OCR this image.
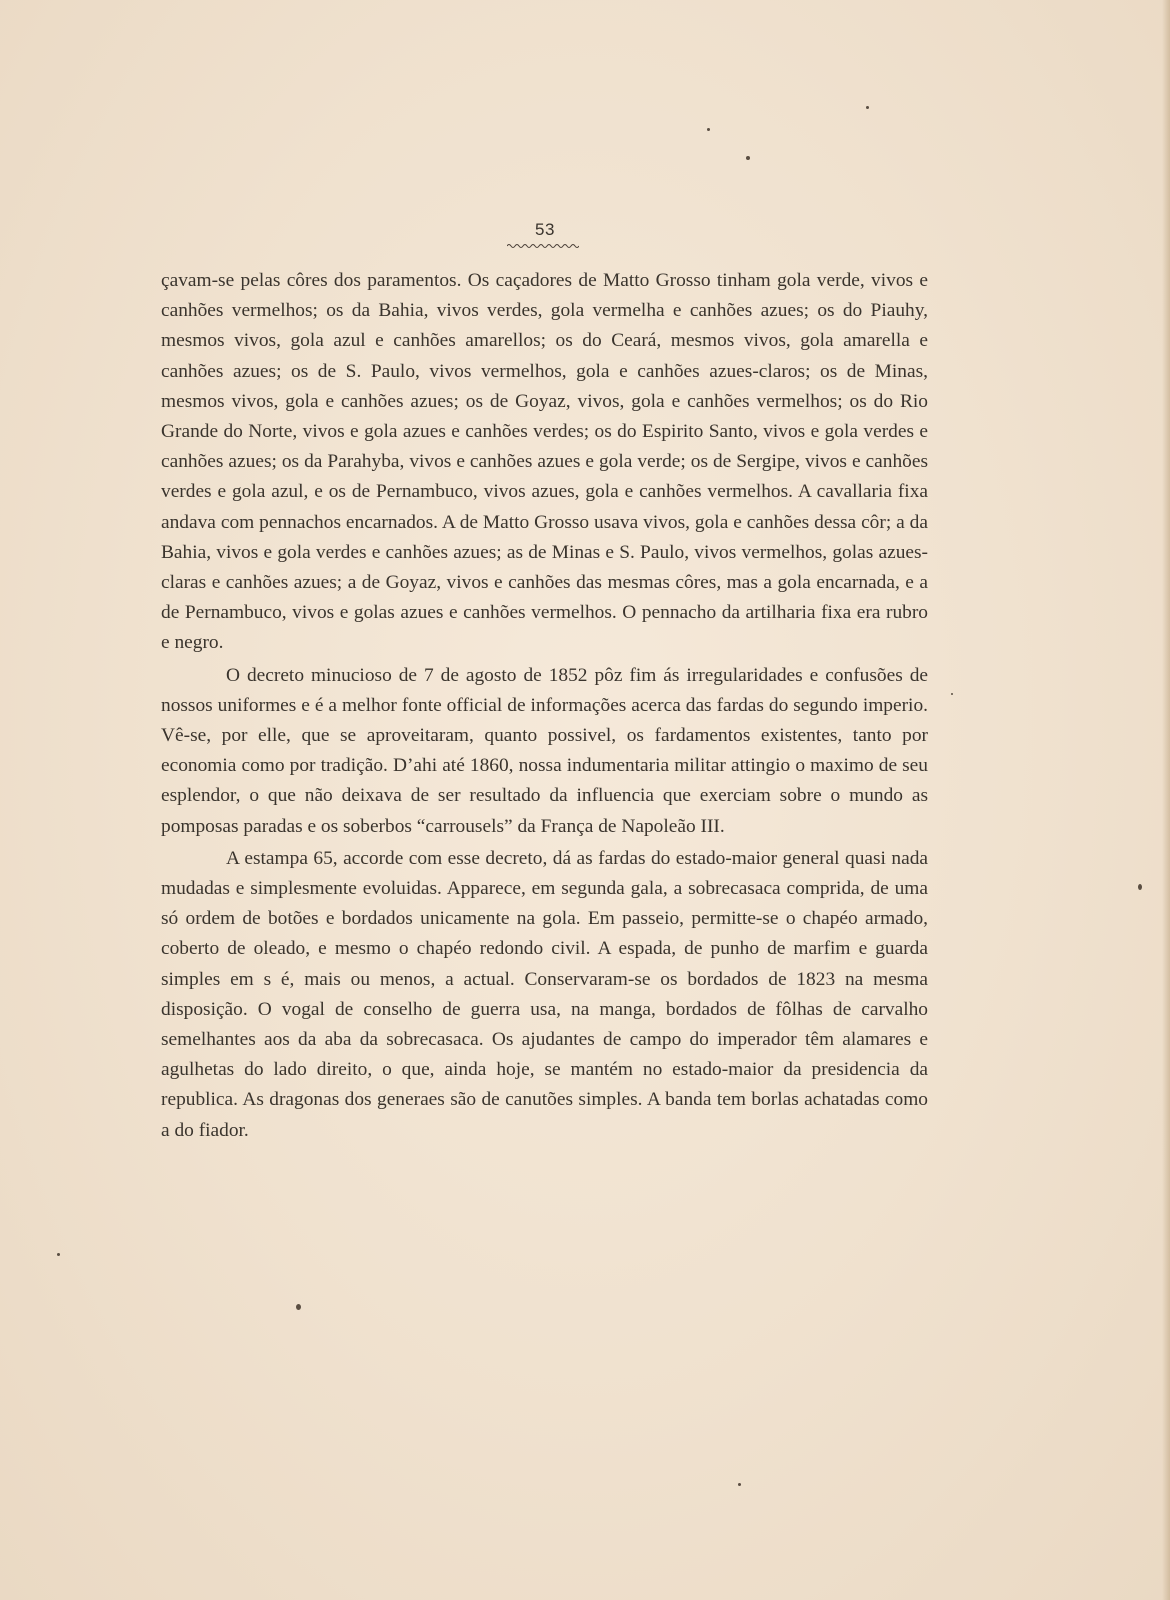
53

çavam-se pelas côres dos paramentos. Os caçadores de Matto Grosso tinham gola verde, vivos e canhões vermelhos; os da Bahia, vivos verdes, gola vermelha e canhões azues; os do Piauhy, mesmos vivos, gola azul e canhões amarellos; os do Ceará, mesmos vivos, gola amarella e canhões azues; os de S. Paulo, vivos vermelhos, gola e canhões azues-claros; os de Minas, mesmos vivos, gola e canhões azues; os de Goyaz, vivos, gola e canhões vermelhos; os do Rio Grande do Norte, vivos e gola azues e canhões verdes; os do Espirito Santo, vivos e gola verdes e canhões azues; os da Parahyba, vivos e canhões azues e gola verde; os de Sergipe, vivos e canhões verdes e gola azul, e os de Pernambuco, vivos azues, gola e canhões vermelhos. A cavallaria fixa andava com pennachos encarnados. A de Matto Grosso usava vivos, gola e canhões dessa côr; a da Bahia, vivos e gola verdes e canhões azues; as de Minas e S. Paulo, vivos vermelhos, golas azues-claras e canhões azues; a de Goyaz, vivos e canhões das mesmas côres, mas a gola encarnada, e a de Pernambuco, vivos e golas azues e canhões vermelhos. O pennacho da artilharia fixa era rubro e negro.

O decreto minucioso de 7 de agosto de 1852 pôz fim ás irregularidades e confusões de nossos uniformes e é a melhor fonte official de informações acerca das fardas do segundo imperio. Vê-se, por elle, que se aproveitaram, quanto possivel, os fardamentos existentes, tanto por economia como por tradição. D’ahi até 1860, nossa indumentaria militar attingio o maximo de seu esplendor, o que não deixava de ser resultado da influencia que exerciam sobre o mundo as pomposas paradas e os soberbos “carrousels” da França de Napoleão III.

A estampa 65, accorde com esse decreto, dá as fardas do estado-maior general quasi nada mudadas e simplesmente evoluidas. Apparece, em segunda gala, a sobrecasaca comprida, de uma só ordem de botões e bordados unicamente na gola. Em passeio, permitte-se o chapéo armado, coberto de oleado, e mesmo o chapéo redondo civil. A espada, de punho de marfim e guarda simples em s é, mais ou menos, a actual. Conservaram-se os bordados de 1823 na mesma disposição. O vogal de conselho de guerra usa, na manga, bordados de fôlhas de carvalho semelhantes aos da aba da sobrecasaca. Os ajudantes de campo do imperador têm alamares e agulhetas do lado direito, o que, ainda hoje, se mantém no estado-maior da presidencia da republica. As dragonas dos generaes são de canutões simples. A banda tem borlas achatadas como a do fiador.
